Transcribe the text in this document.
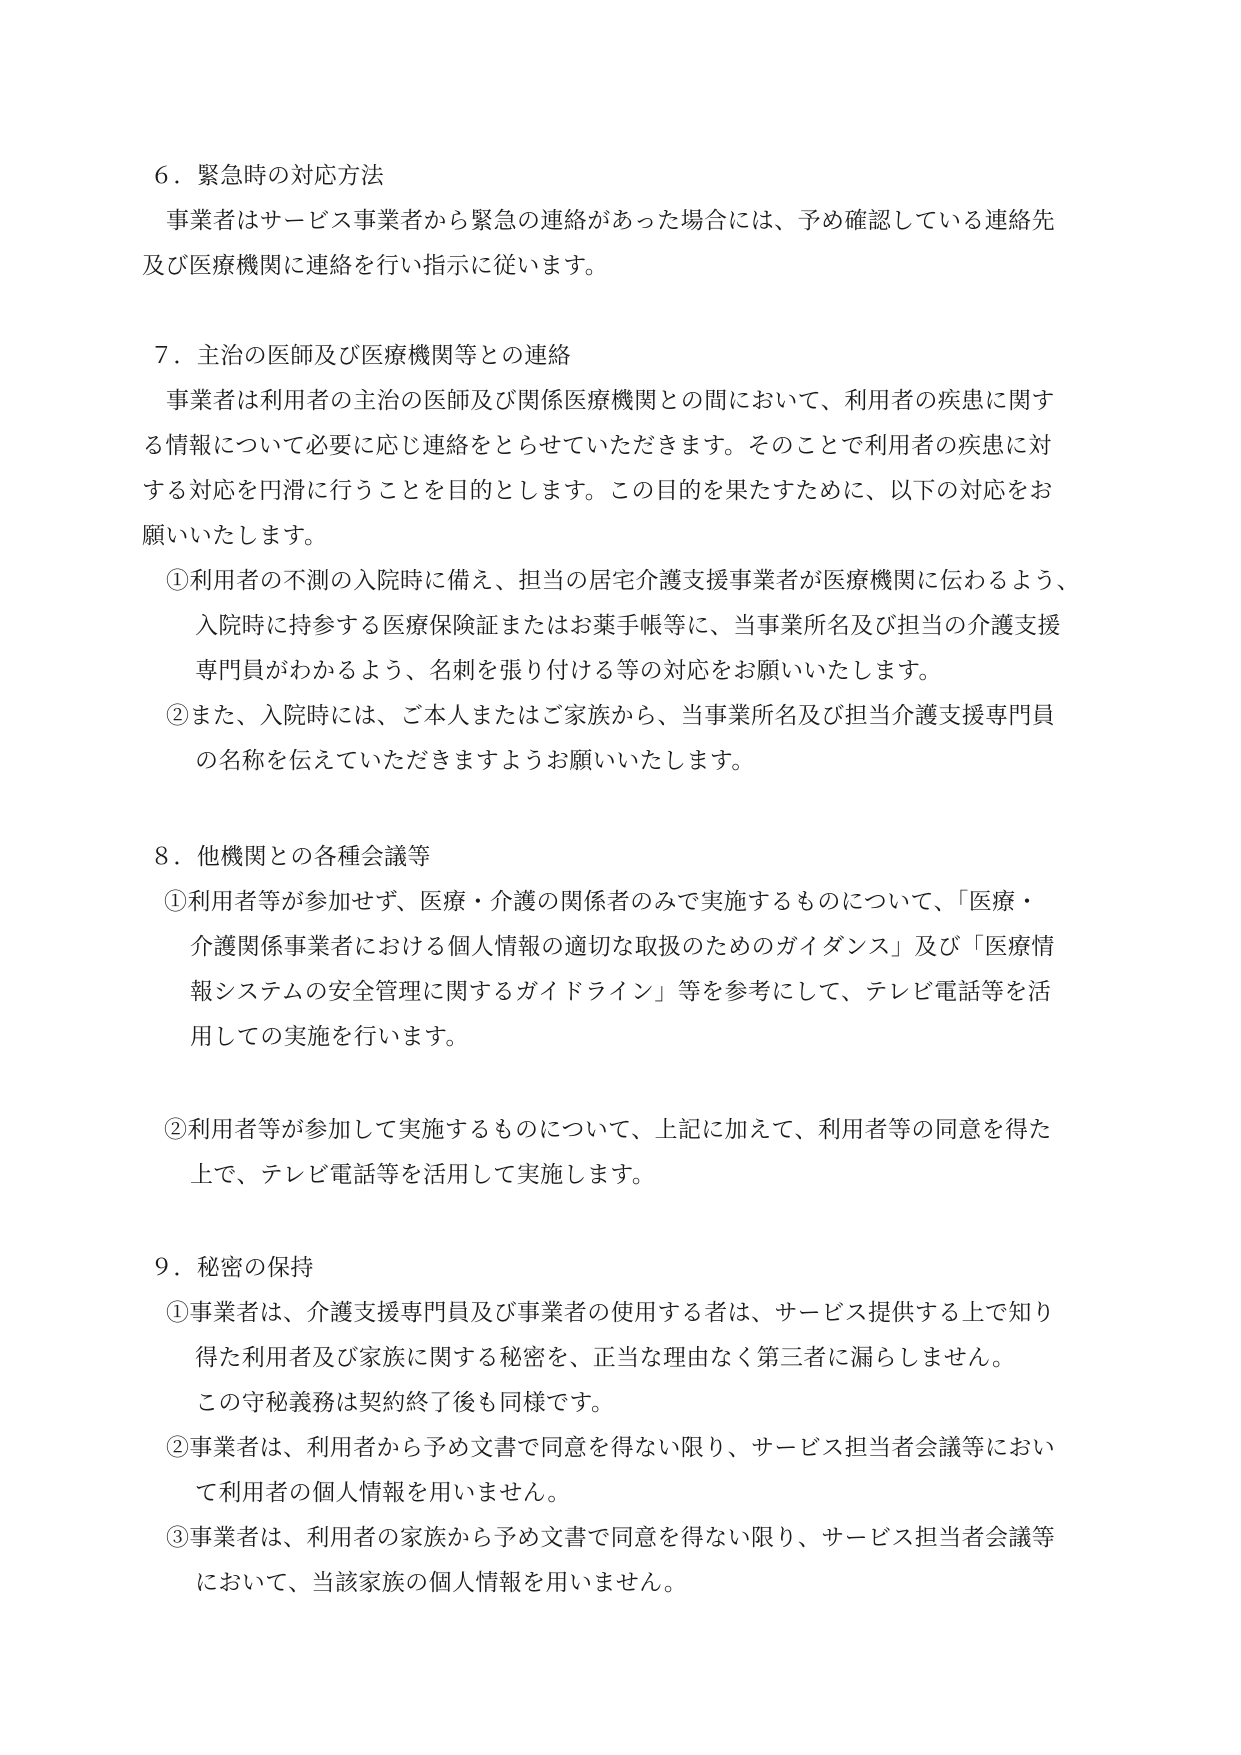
６．緊急時の対応方法
事業者はサービス事業者から緊急の連絡があった場合には、予め確認している連絡先
及び医療機関に連絡を行い指示に従います。
７．主治の医師及び医療機関等との連絡
事業者は利用者の主治の医師及び関係医療機関との間において、利用者の疾患に関す
る情報について必要に応じ連絡をとらせていただきます。そのことで利用者の疾患に対
する対応を円滑に行うことを目的とします。この目的を果たすために、以下の対応をお
願いいたします。
①利用者の不測の入院時に備え、担当の居宅介護支援事業者が医療機関に伝わるよう、
入院時に持参する医療保険証またはお薬手帳等に、当事業所名及び担当の介護支援
専門員がわかるよう、名刺を張り付ける等の対応をお願いいたします。
②また、入院時には、ご本人またはご家族から、当事業所名及び担当介護支援専門員
の名称を伝えていただきますようお願いいたします。
８．他機関との各種会議等
①利用者等が参加せず、医療・介護の関係者のみで実施するものについて、「医療・
介護関係事業者における個人情報の適切な取扱のためのガイダンス」及び「医療情
報システムの安全管理に関するガイドライン」等を参考にして、テレビ電話等を活
用しての実施を行います。
②利用者等が参加して実施するものについて、上記に加えて、利用者等の同意を得た
上で、テレビ電話等を活用して実施します。
９．秘密の保持
①事業者は、介護支援専門員及び事業者の使用する者は、サービス提供する上で知り
得た利用者及び家族に関する秘密を、正当な理由なく第三者に漏らしません。
この守秘義務は契約終了後も同様です。
②事業者は、利用者から予め文書で同意を得ない限り、サービス担当者会議等におい
て利用者の個人情報を用いません。
③事業者は、利用者の家族から予め文書で同意を得ない限り、サービス担当者会議等
において、当該家族の個人情報を用いません。
